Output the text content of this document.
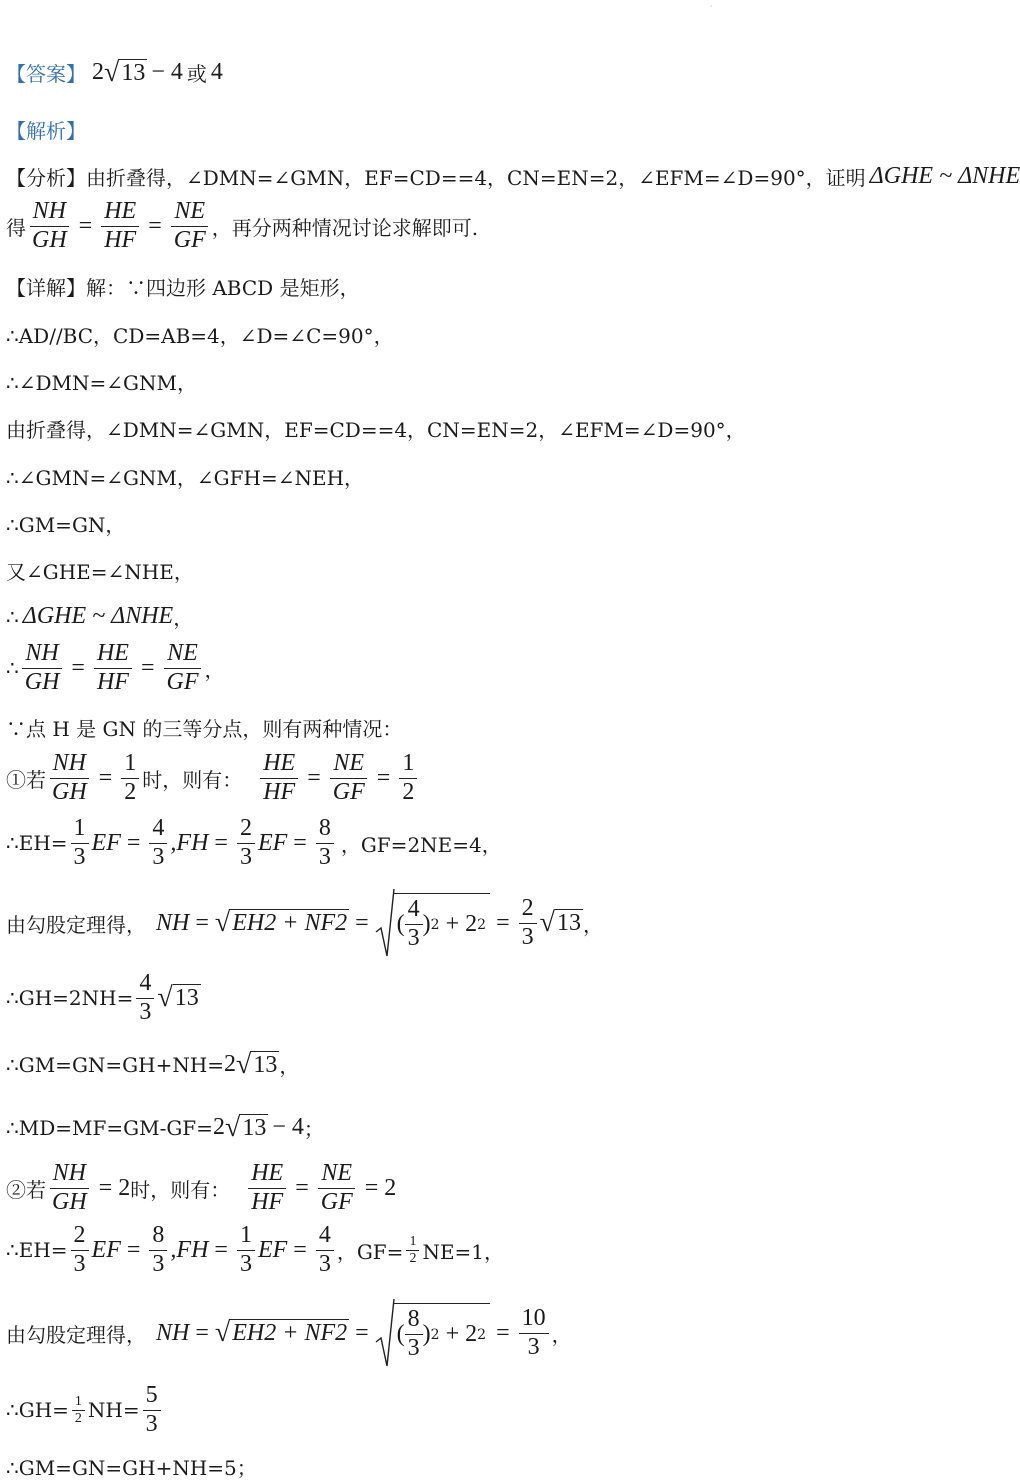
·
【答案】 2 √ 13 − 4 或 4
【解析】
【分析】 由折叠得，∠DMN=∠GMN，EF=CD==4，CN=EN=2，∠EFM=∠D=90°，证明 ΔGHE ~ ΔNHE
得 $\frac{NH}{GH} = \frac{HE}{HF} = \frac{NE}{GF}$ ，再分两种情况讨论求解即可.
【详解】 解：∵四边形 ABCD 是矩形，
∴AD//BC，CD=AB=4，∠D=∠C=90°，
∴∠DMN=∠GNM，
由折叠得，∠DMN=∠GMN，EF=CD==4，CN=EN=2，∠EFM=∠D=90°，
∴∠GMN=∠GNM，∠GFH=∠NEH，
∴GM=GN，
又∠GHE=∠NHE，
∴ ΔGHE ~ ΔNHE ，
∴ $\frac{NH}{GH} = \frac{HE}{HF} = \frac{NE}{GF}$ ，
∵点 H 是 GN 的三等分点，则有两种情况：
①若 $\frac{NH}{GH} = \frac{1}{2}$ 时，则有： $\frac{HE}{HF} = \frac{NE}{GF} = \frac{1}{2}$
∴EH= $\frac{1}{3}$ EF = $\frac{4}{3} ,FH = \frac{2}{3}$ EF = $\frac{8}{3}$ ，GF=2NE=4，
由勾股定理得， NH = √ EH2 + NF2 = ( $\frac{4}{3}$ ) 2 + 2 $2 = \frac{2}{3}$ √ 13 ，
∴GH=2NH= $\frac{4}{3}$ √ 13
∴GM=GN=GH+NH= 2 √ 13 ，
∴MD=MF=GM-GF= 2 √ 13 − 4 ；
②若 $\frac{NH}{GH} = 2$ 时，则有： $\frac{HE}{HF} = \frac{NE}{GF} = 2$
∴EH= $\frac{2}{3}$ EF = $\frac{8}{3} ,FH = \frac{1}{3}$ EF = $\frac{4}{3}$ ，$GF= \frac{1}{2} NE=1$，
由勾股定理得， NH = √ EH2 + NF2 = ( $\frac{8}{3}$ ) 2 + 2 $2 = \frac{10}{3}$ ，
∴GH= $\frac{1}{2} NH= \frac{5}{3}$
∴GM=GN=GH+NH=5；
